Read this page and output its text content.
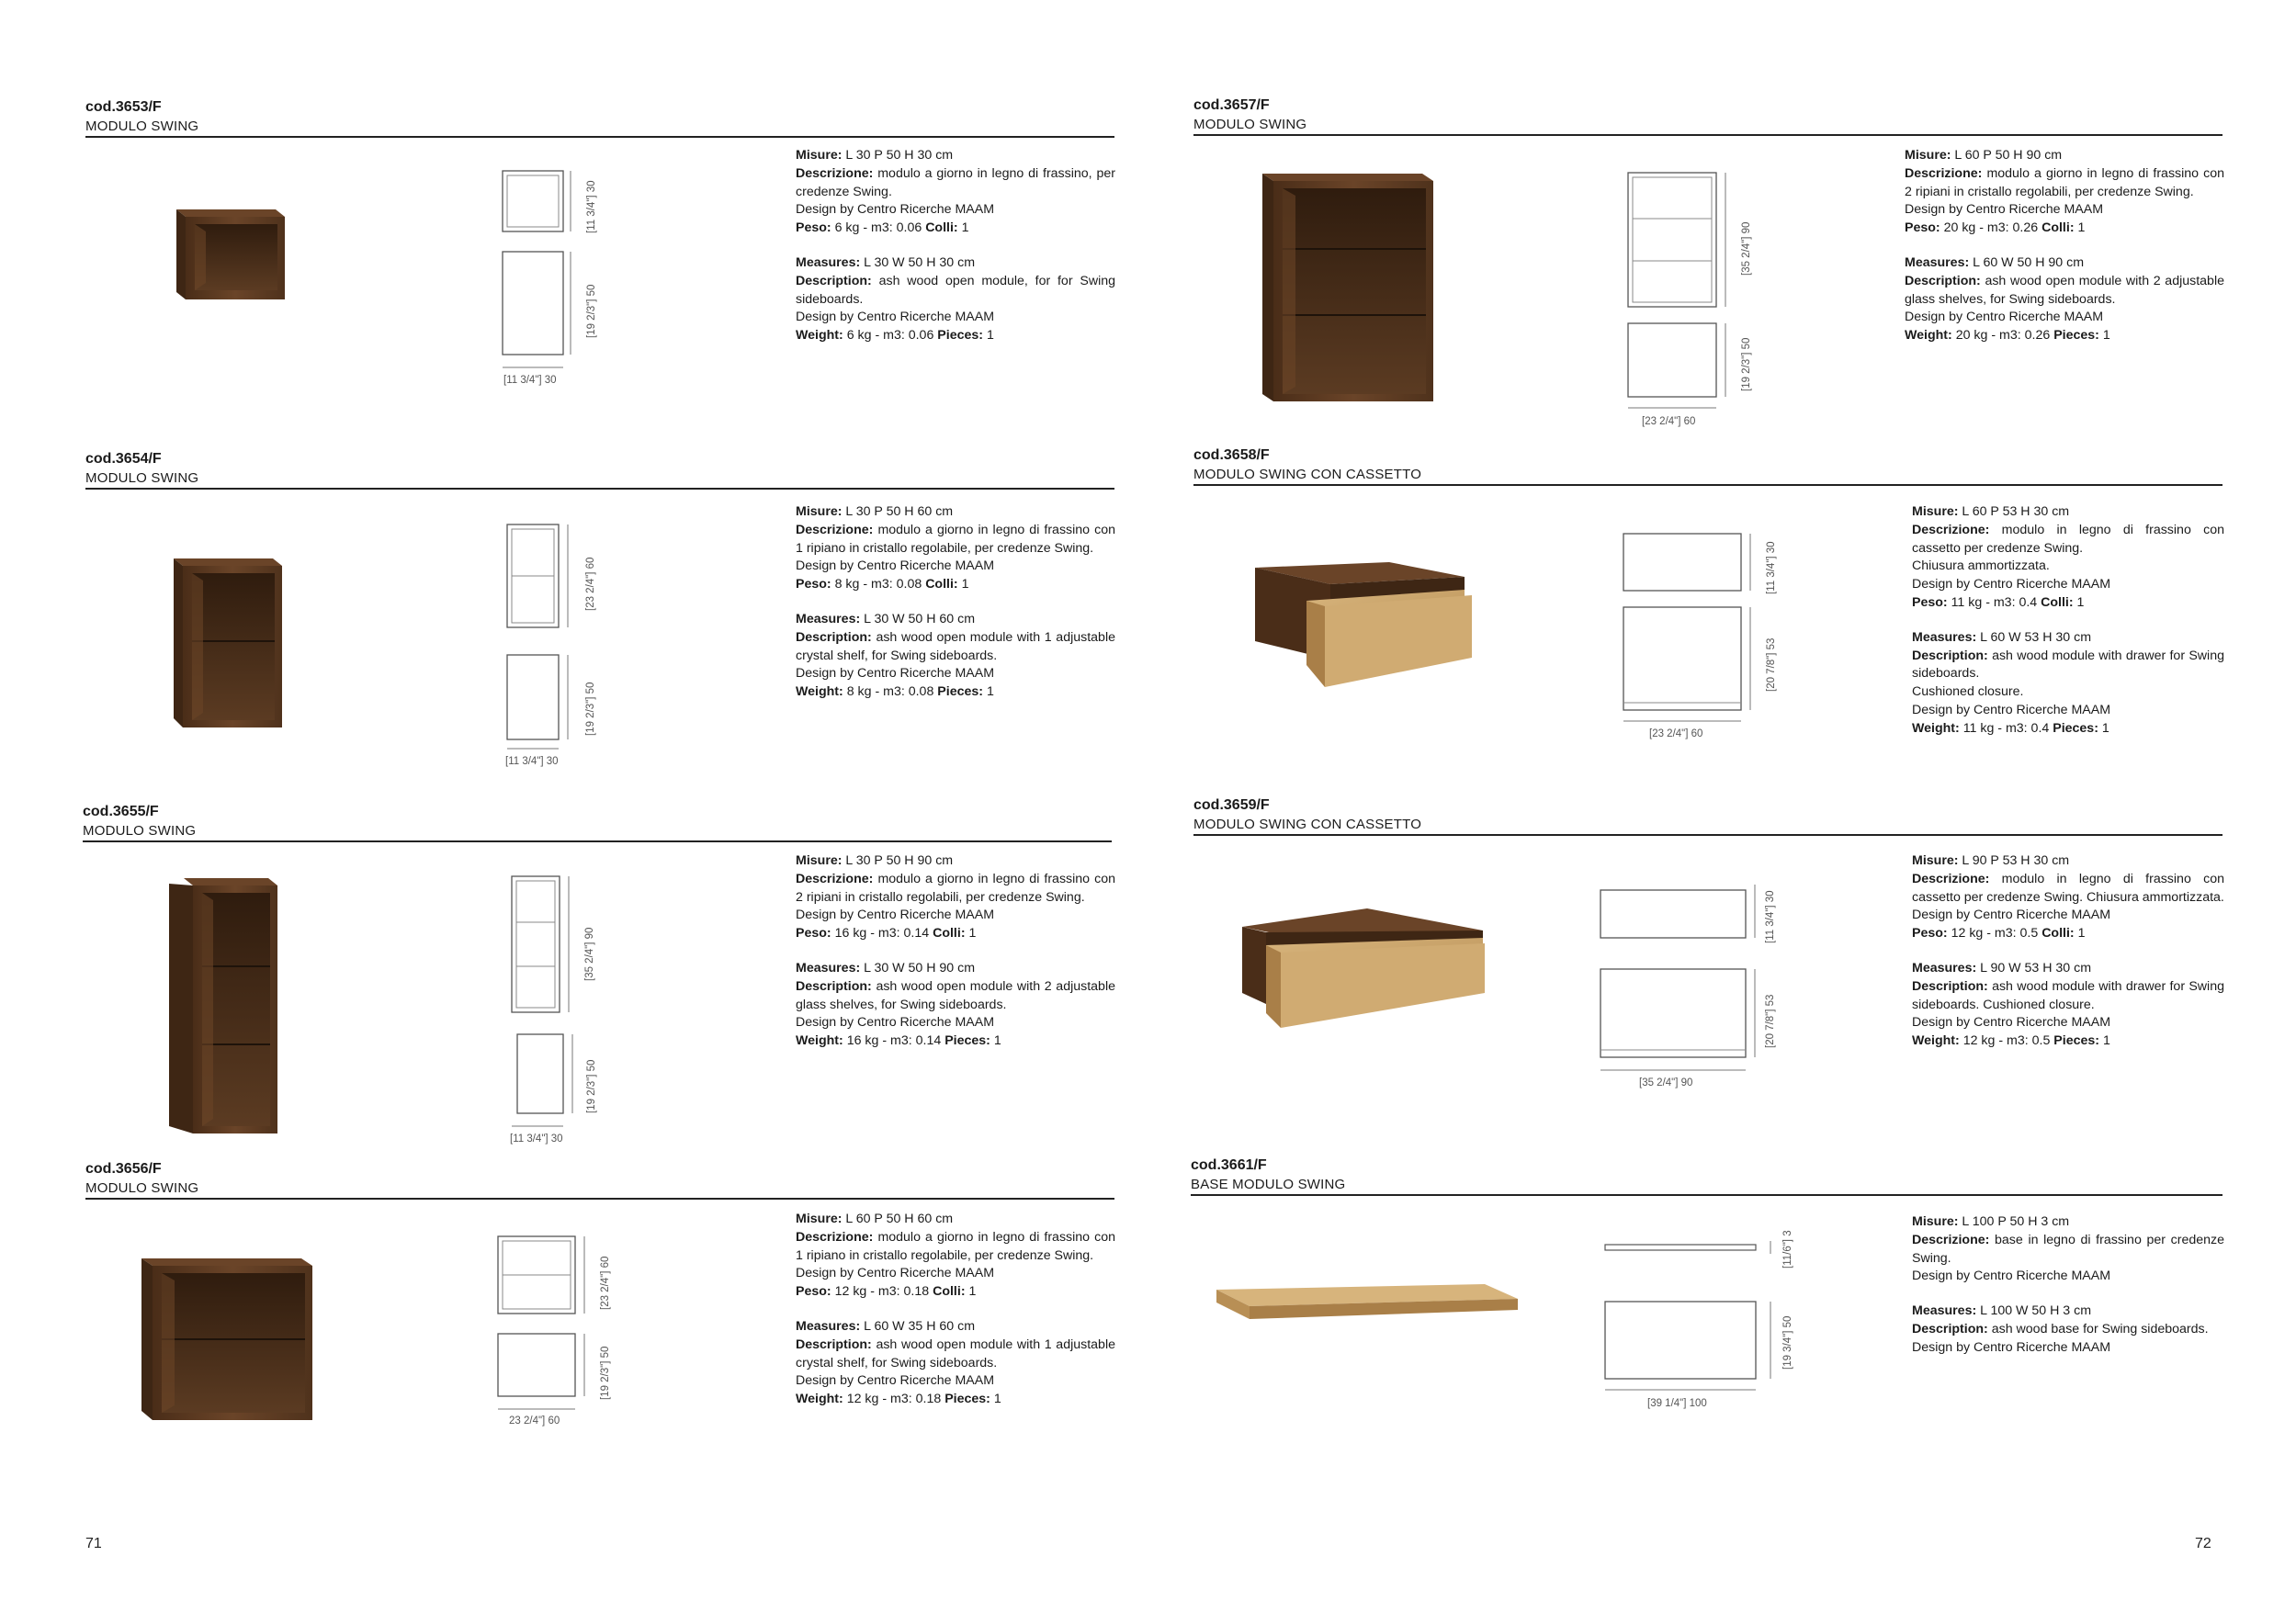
cod.3653/F
MODULO SWING
cod.3654/F
MODULO SWING
cod.3655/F
MODULO SWING
cod.3656/F
MODULO SWING
cod.3657/F
MODULO SWING
cod.3658/F
MODULO SWING CON CASSETTO
cod.3659/F
MODULO SWING CON CASSETTO
cod.3661/F
BASE MODULO SWING
[11 3/4"] 30
[19 2/3"] 50
[11 3/4"] 30
[23 2/4"] 60
[19 2/3"] 50
[11 3/4"] 30
[35 2/4"] 90
[19 2/3"] 50
[11 3/4"] 30
[23 2/4"] 60
[19 2/3"] 50
23 2/4"] 60
[35 2/4"] 90
[19 2/3"] 50
[23 2/4"] 60
[11 3/4"] 30
[20 7/8"] 53
[23 2/4"] 60
[11 3/4"] 30
[20 7/8"] 53
[35 2/4"] 90
[11/6"] 3
[19 3/4"] 50
[39 1/4"] 100

Misure: L 30 P 50 H 30 cm

Descrizione: modulo a giorno in legno di frassino, per credenze Swing.

Design by Centro Ricerche MAAM

Peso: 6 kg - m3: 0.06 Colli: 1

Measures: L 30 W 50 H 30 cm

Description: ash wood open module, for for Swing sideboards.

Design by Centro Ricerche MAAM

Weight: 6 kg - m3: 0.06 Pieces: 1

Misure: L 30 P 50 H 60 cm

Descrizione: modulo a giorno in legno di frassino con 1 ripiano in cristallo regolabile, per credenze Swing.

Design by Centro Ricerche MAAM

Peso: 8 kg - m3: 0.08 Colli: 1

Measures: L 30 W 50 H 60 cm

Description: ash wood open module with 1 adjustable crystal shelf, for Swing sideboards.

Design by Centro Ricerche MAAM

Weight: 8 kg - m3: 0.08 Pieces: 1

Misure: L 30 P 50 H 90 cm

Descrizione: modulo a giorno in legno di frassino con 2 ripiani in cristallo regolabili, per credenze Swing.

Design by Centro Ricerche MAAM

Peso: 16 kg - m3: 0.14 Colli: 1

Measures: L 30 W 50 H 90 cm

Description: ash wood open module with 2 adjustable glass shelves, for Swing sideboards.

Design by Centro Ricerche MAAM

Weight: 16 kg - m3: 0.14 Pieces: 1

Misure: L 60 P 50 H 60 cm

Descrizione: modulo a giorno in legno di frassino con 1 ripiano in cristallo regolabile, per credenze Swing.

Design by Centro Ricerche MAAM

Peso: 12 kg - m3: 0.18 Colli: 1

Measures: L 60 W 35 H 60 cm

Description: ash wood open module with 1 adjustable crystal shelf, for Swing sideboards.

Design by Centro Ricerche MAAM

Weight: 12 kg - m3: 0.18 Pieces: 1

Misure: L 60 P 50 H 90 cm

Descrizione: modulo a giorno in legno di frassino con 2 ripiani in cristallo regolabili, per credenze Swing.

Design by Centro Ricerche MAAM

Peso: 20 kg - m3: 0.26 Colli: 1

Measures: L 60 W 50 H 90 cm

Description: ash wood open module with 2 adjustable glass shelves, for Swing sideboards.

Design by Centro Ricerche MAAM

Weight: 20 kg - m3: 0.26 Pieces: 1

Misure: L 60 P 53 H 30 cm

Descrizione: modulo in legno di frassino con cassetto per credenze Swing.

Chiusura ammortizzata.

Design by Centro Ricerche MAAM

Peso: 11 kg - m3: 0.4 Colli: 1

Measures: L 60 W 53 H 30 cm

Description: ash wood module with drawer for Swing sideboards.

Cushioned closure.

Design by Centro Ricerche MAAM

Weight: 11 kg - m3: 0.4 Pieces: 1

Misure: L 90 P 53 H 30 cm

Descrizione: modulo in legno di frassino con cassetto per credenze Swing. Chiusura ammortizzata.

Design by Centro Ricerche MAAM

Peso: 12 kg - m3: 0.5 Colli: 1

Measures: L 90 W 53 H 30 cm

Description: ash wood module with drawer for Swing sideboards. Cushioned closure.

Design by Centro Ricerche MAAM

Weight: 12 kg - m3: 0.5 Pieces: 1

Misure: L 100 P 50 H 3 cm

Descrizione: base in legno di frassino per credenze Swing.

Design by Centro Ricerche MAAM

Measures: L 100 W 50 H 3 cm

Description: ash wood base for Swing sideboards.

Design by Centro Ricerche MAAM

71	72
